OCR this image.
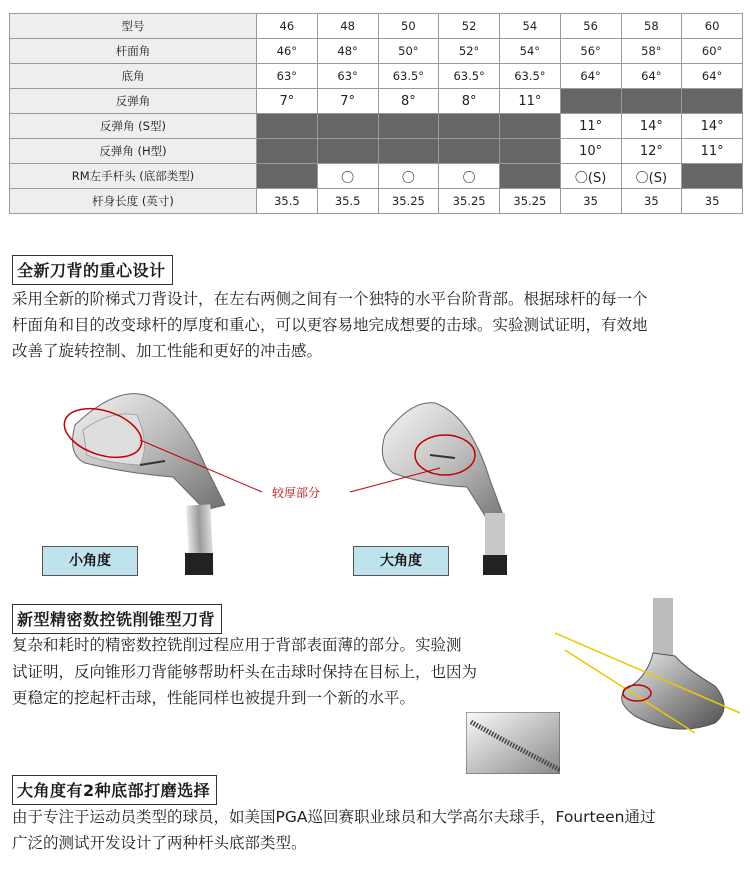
型号	46	48	50	52	54	56	58	60
杆面角	46°	48°	50°	52°	54°	56°	58°	60°
底角	63°	63°	63.5°	63.5°	63.5°	64°	64°	64°
反弹角	7°	7°	8°	8°	11°			
反弹角 (S型)						11°	14°	14°
反弹角 (H型)						10°	12°	11°
RM左手杆头 (底部类型)		〇	〇	〇		〇(S)	〇(S)	
杆身长度 (英寸)	35.5	35.5	35.25	35.25	35.25	35	35	35
全新刀背的重心设计
采用全新的阶梯式刀背设计，在左右两侧之间有一个独特的水平台阶背部。根据球杆的每一个
杆面角和目的改变球杆的厚度和重心，可以更容易地完成想要的击球。实验测试证明，有效地
改善了旋转控制、加工性能和更好的冲击感。
较厚部分
小角度	大角度
新型精密数控铣削锥型刀背
复杂和耗时的精密数控铣削过程应用于背部表面薄的部分。实验测
试证明，反向锥形刀背能够帮助杆头在击球时保持在目标上，也因为
更稳定的挖起杆击球，性能同样也被提升到一个新的水平。
大角度有2种底部打磨选择
由于专注于运动员类型的球员，如美国PGA巡回赛职业球员和大学高尔夫球手，Fourteen通过
广泛的测试开发设计了两种杆头底部类型。
